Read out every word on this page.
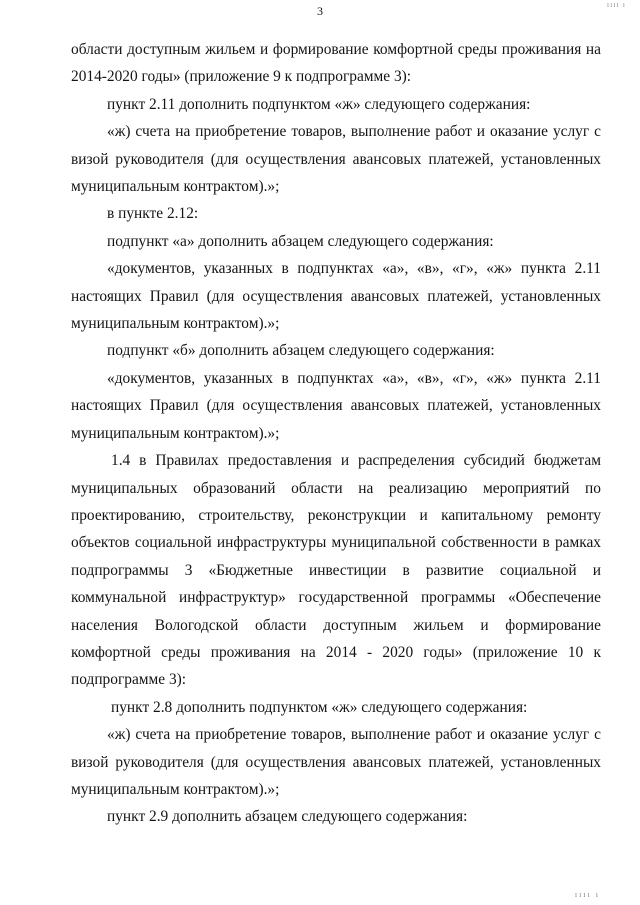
ıııı ı
3

области доступным жильем и формирование комфортной среды проживания на 2014-2020 годы» (приложение 9 к подпрограмме 3):

пункт 2.11 дополнить подпунктом «ж» следующего содержания:

«ж) счета на приобретение товаров, выполнение работ и оказание услуг с визой руководителя (для осуществления авансовых платежей, установленных муниципальным контрактом).»;

в пункте 2.12:

подпункт «а» дополнить абзацем следующего содержания:

«документов, указанных в подпунктах «а», «в», «г», «ж» пункта 2.11 настоящих Правил (для осуществления авансовых платежей, установленных муниципальным контрактом).»;

подпункт «б» дополнить абзацем следующего содержания:

«документов, указанных в подпунктах «а», «в», «г», «ж» пункта 2.11 настоящих Правил (для осуществления авансовых платежей, установленных муниципальным контрактом).»;

1.4 в Правилах предоставления и распределения субсидий бюджетам муниципальных образований области на реализацию мероприятий по проектированию, строительству, реконструкции и капитальному ремонту объектов социальной инфраструктуры муниципальной собственности в рамках подпрограммы 3 «Бюджетные инвестиции в развитие социальной и коммунальной инфраструктур» государственной программы «Обеспечение населения Вологодской области доступным жильем и формирование комфортной среды проживания на 2014 - 2020 годы» (приложение 10 к подпрограмме 3):

пункт 2.8 дополнить подпунктом «ж» следующего содержания:

«ж) счета на приобретение товаров, выполнение работ и оказание услуг с визой руководителя (для осуществления авансовых платежей, установленных муниципальным контрактом).»;

пункт 2.9 дополнить абзацем следующего содержания:

ıııı ı
